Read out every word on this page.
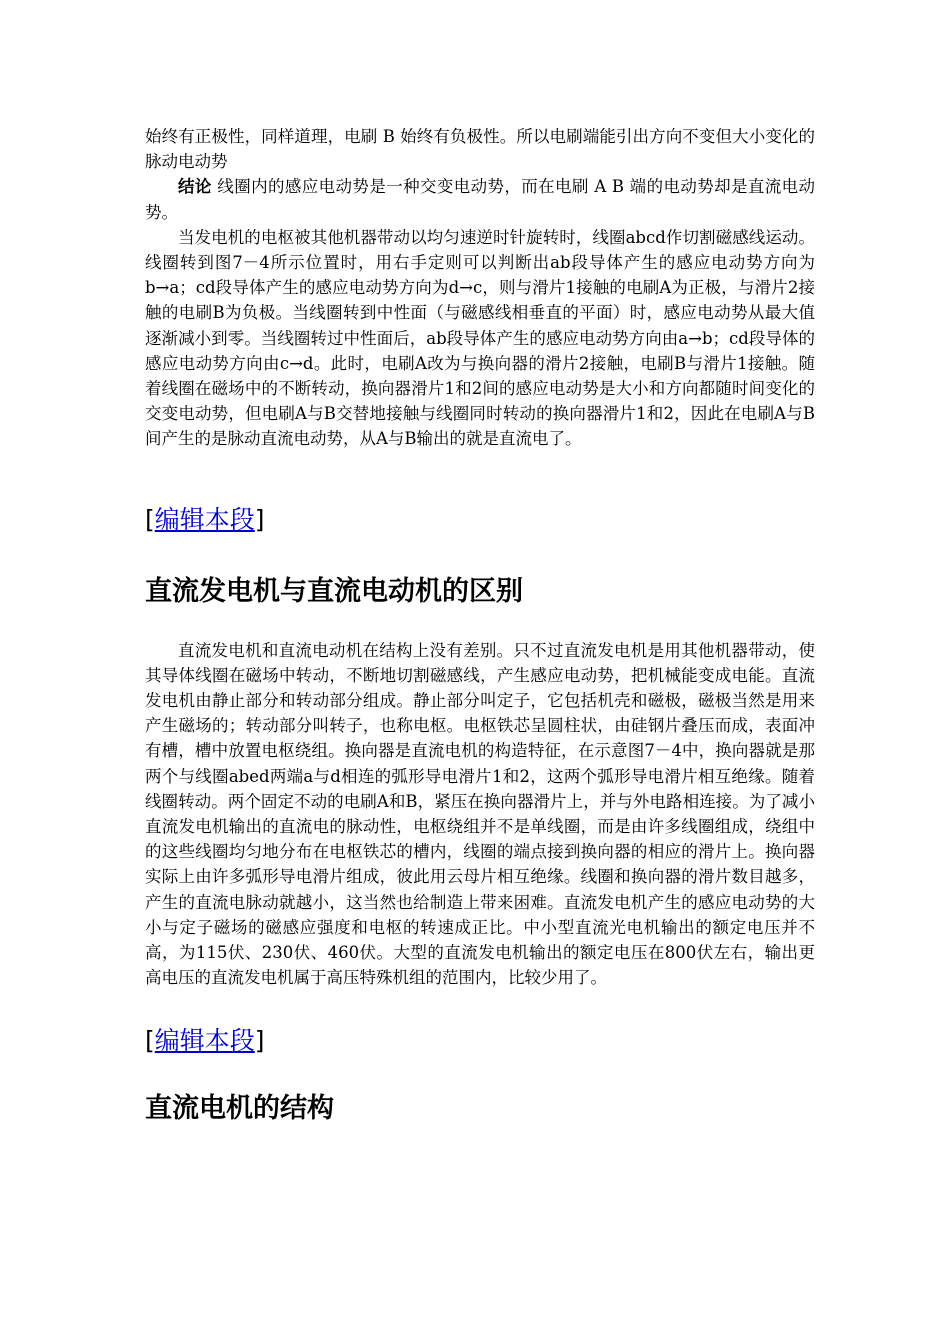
始终有正极性，同样道理，电刷 B 始终有负极性。所以电刷端能引出方向不变但大小变化的脉动电动势

结论 线圈内的感应电动势是一种交变电动势，而在电刷 A B 端的电动势却是直流电动势。

当发电机的电枢被其他机器带动以均匀速逆时针旋转时，线圈abcd作切割磁感线运动。线圈转到图7－4所示位置时，用右手定则可以判断出ab段导体产生的感应电动势方向为b→a；cd段导体产生的感应电动势方向为d→c，则与滑片1接触的电刷A为正极，与滑片2接触的电刷B为负极。当线圈转到中性面（与磁感线相垂直的平面）时，感应电动势从最大值逐渐减小到零。当线圈转过中性面后，ab段导体产生的感应电动势方向由a→b；cd段导体的感应电动势方向由c→d。此时，电刷A改为与换向器的滑片2接触，电刷B与滑片1接触。随着线圈在磁场中的不断转动，换向器滑片1和2间的感应电动势是大小和方向都随时间变化的交变电动势，但电刷A与B交替地接触与线圈同时转动的换向器滑片1和2，因此在电刷A与B间产生的是脉动直流电动势，从A与B输出的就是直流电了。

[编辑本段]

直流发电机与直流电动机的区别

直流发电机和直流电动机在结构上没有差别。只不过直流发电机是用其他机器带动，使其导体线圈在磁场中转动，不断地切割磁感线，产生感应电动势，把机械能变成电能。直流发电机由静止部分和转动部分组成。静止部分叫定子，它包括机壳和磁极，磁极当然是用来产生磁场的；转动部分叫转子，也称电枢。电枢铁芯呈圆柱状，由硅钢片叠压而成，表面冲有槽，槽中放置电枢绕组。换向器是直流电机的构造特征，在示意图7－4中，换向器就是那两个与线圈abed两端a与d相连的弧形导电滑片1和2，这两个弧形导电滑片相互绝缘。随着线圈转动。两个固定不动的电刷A和B，紧压在换向器滑片上，并与外电路相连接。为了减小直流发电机输出的直流电的脉动性，电枢绕组并不是单线圈，而是由许多线圈组成，绕组中的这些线圈均匀地分布在电枢铁芯的槽内，线圈的端点接到换向器的相应的滑片上。换向器实际上由许多弧形导电滑片组成，彼此用云母片相互绝缘。线圈和换向器的滑片数目越多，产生的直流电脉动就越小，这当然也给制造上带来困难。直流发电机产生的感应电动势的大小与定子磁场的磁感应强度和电枢的转速成正比。中小型直流光电机输出的额定电压并不高，为115伏、230伏、460伏。大型的直流发电机输出的额定电压在800伏左右，输出更高电压的直流发电机属于高压特殊机组的范围内，比较少用了。

[编辑本段]

直流电机的结构
